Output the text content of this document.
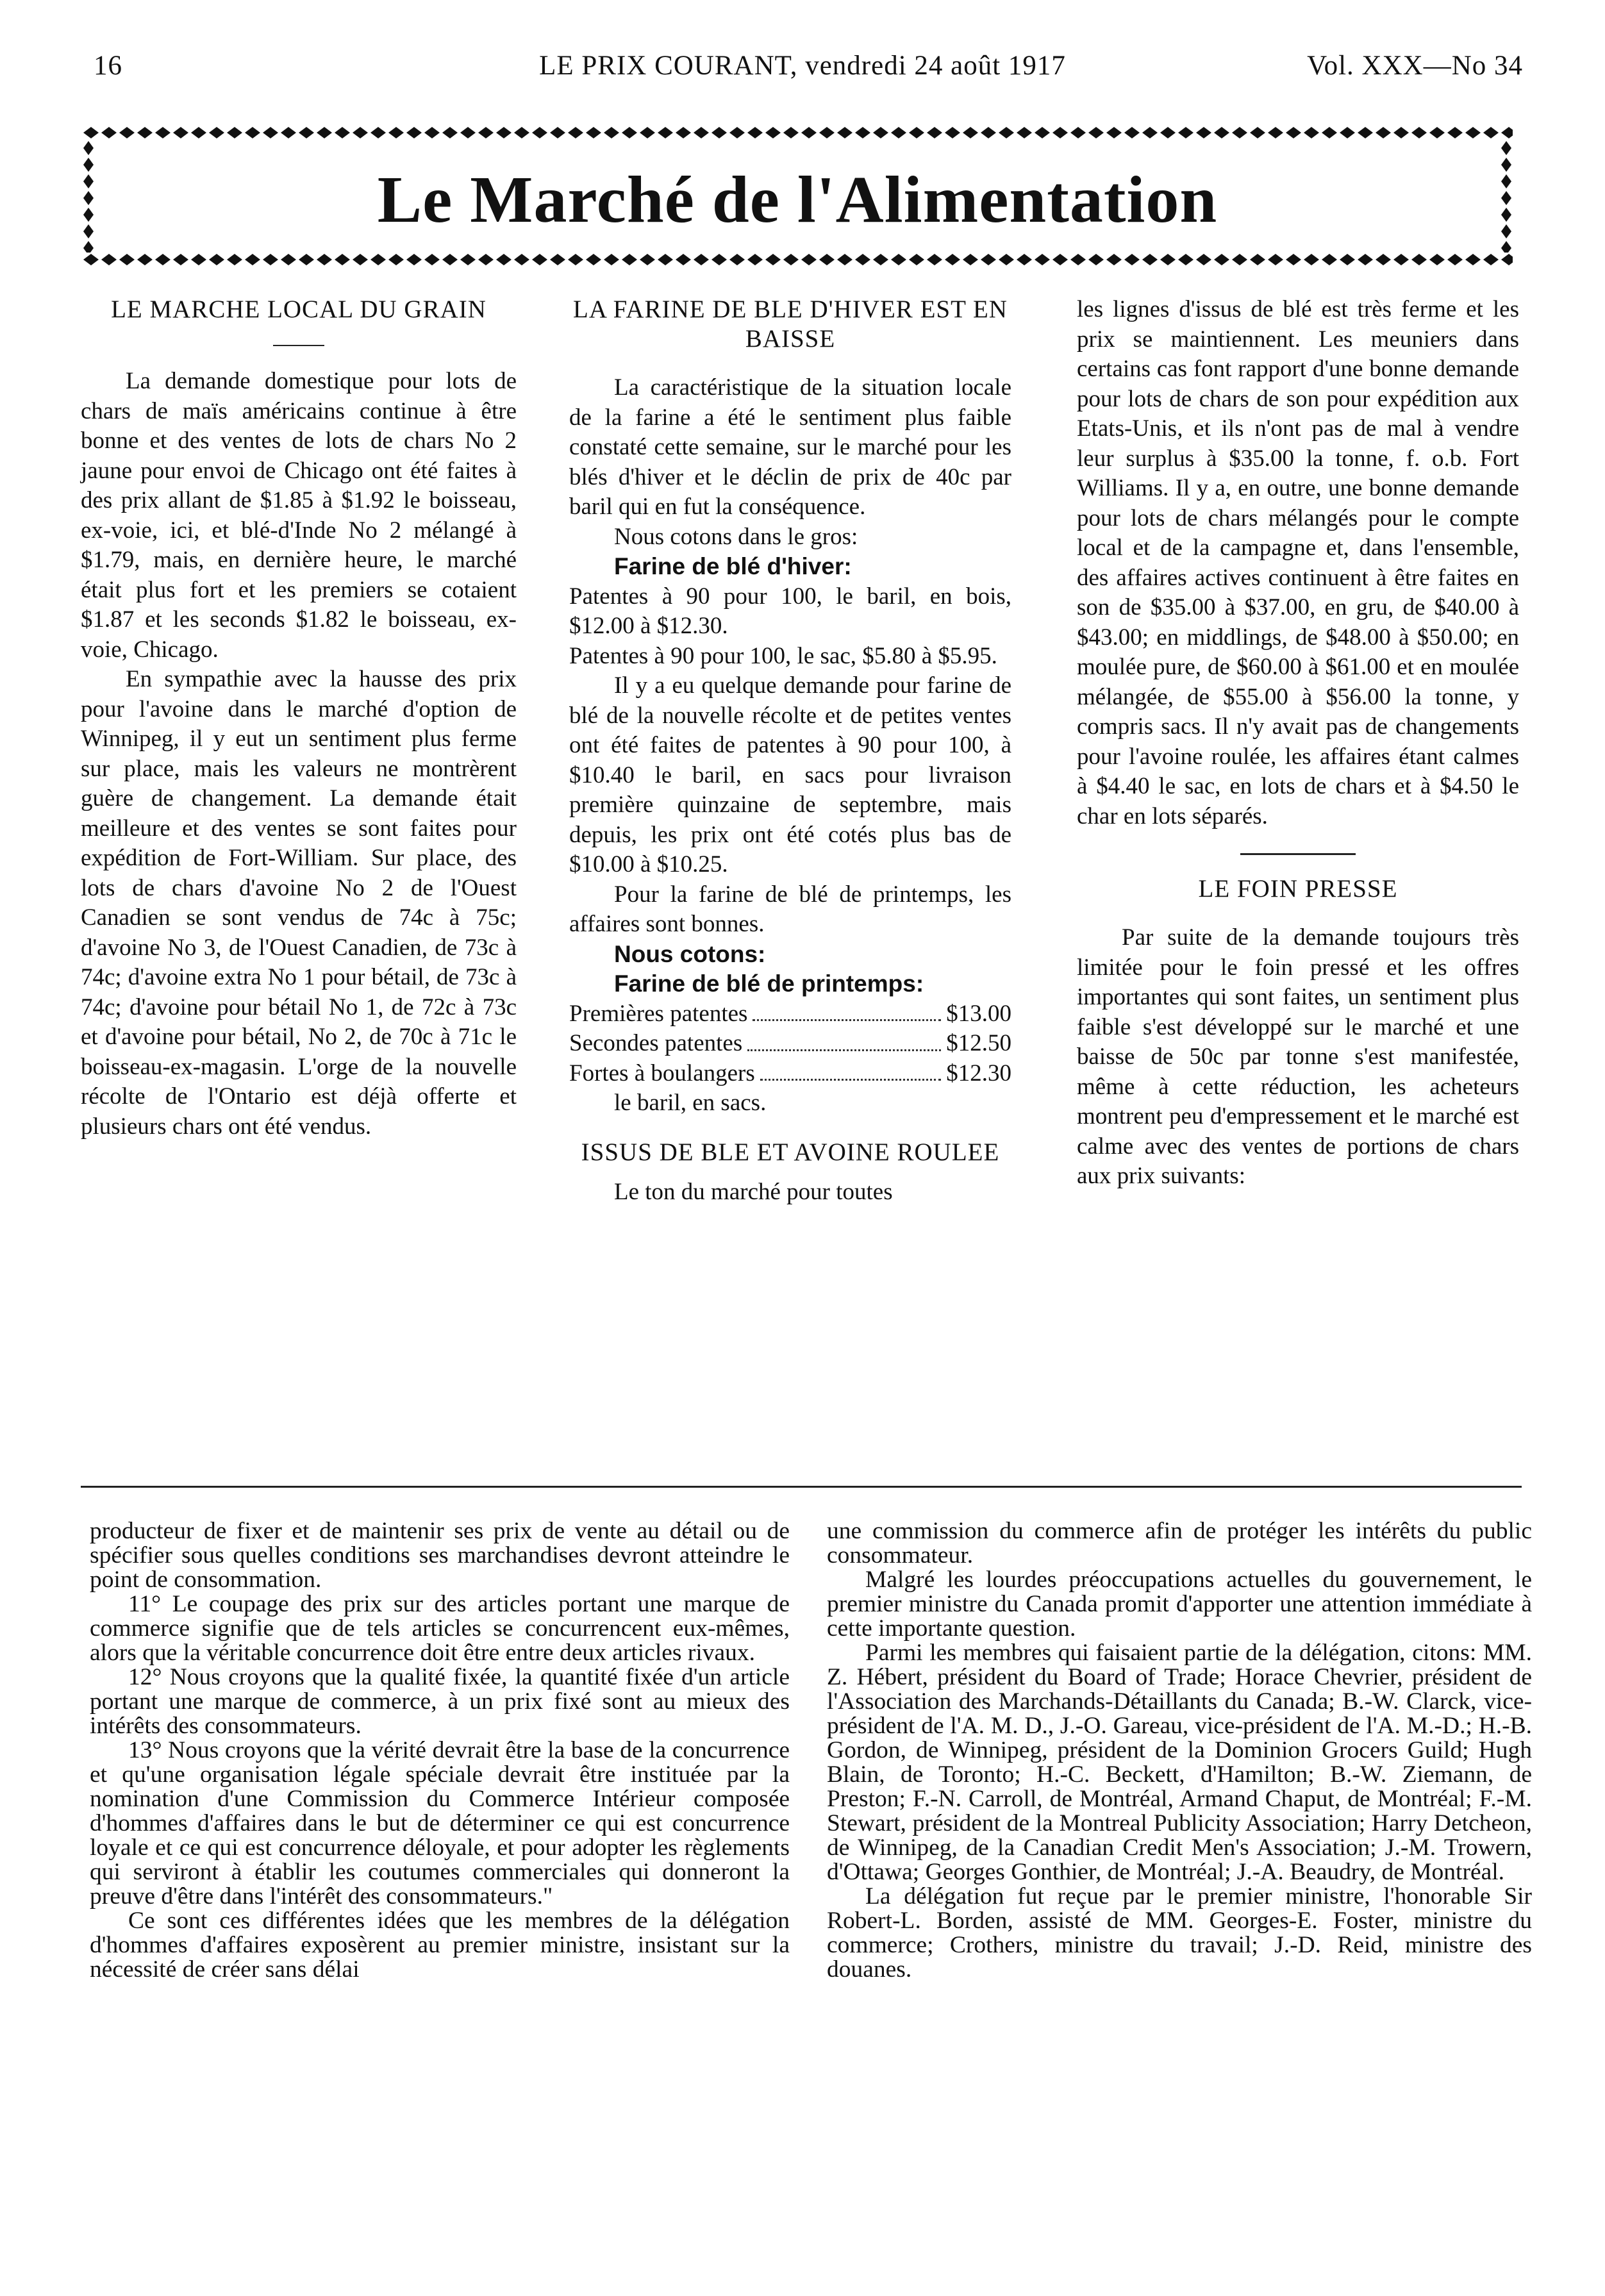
16	LE PRIX COURANT, vendredi 24 août 1917	Vol. XXX—No 34
Le Marché de l'Alimentation
LE MARCHE LOCAL DU GRAIN

La demande domestique pour lots de chars de maïs américains continue à être bonne et des ventes de lots de chars No 2 jaune pour envoi de Chicago ont été faites à des prix allant de $1.85 à $1.92 le boisseau, ex-voie, ici, et blé-d'Inde No 2 mélangé à $1.79, mais, en dernière heure, le marché était plus fort et les premiers se cotaient $1.87 et les seconds $1.82 le boisseau, ex-voie, Chicago.

En sympathie avec la hausse des prix pour l'avoine dans le marché d'option de Winnipeg, il y eut un sentiment plus ferme sur place, mais les valeurs ne montrèrent guère de changement. La demande était meilleure et des ventes se sont faites pour expédition de Fort-William. Sur place, des lots de chars d'avoine No 2 de l'Ouest Canadien se sont vendus de 74c à 75c; d'avoine No 3, de l'Ouest Canadien, de 73c à 74c; d'avoine extra No 1 pour bétail, de 73c à 74c; d'avoine pour bétail No 1, de 72c à 73c et d'avoine pour bétail, No 2, de 70c à 71c le boisseau-ex-magasin. L'orge de la nouvelle récolte de l'Ontario est déjà offerte et plusieurs chars ont été vendus.

LA FARINE DE BLE D'HIVER EST EN BAISSE

La caractéristique de la situation locale de la farine a été le sentiment plus faible constaté cette semaine, sur le marché pour les blés d'hiver et le déclin de prix de 40c par baril qui en fut la conséquence.

Nous cotons dans le gros:

Farine de blé d'hiver:

Patentes à 90 pour 100, le baril, en bois, $12.00 à $12.30.

Patentes à 90 pour 100, le sac, $5.80 à $5.95.

Il y a eu quelque demande pour farine de blé de la nouvelle récolte et de petites ventes ont été faites de patentes à 90 pour 100, à $10.40 le baril, en sacs pour livraison première quinzaine de septembre, mais depuis, les prix ont été cotés plus bas de $10.00 à $10.25.

Pour la farine de blé de printemps, les affaires sont bonnes.

Nous cotons:

Farine de blé de printemps:

Premières patentes	$13.00
Secondes patentes	$12.50
Fortes à boulangers	$12.30

le baril, en sacs.

ISSUS DE BLE ET AVOINE ROULEE

Le ton du marché pour toutes

les lignes d'issus de blé est très ferme et les prix se maintiennent. Les meuniers dans certains cas font rapport d'une bonne demande pour lots de chars de son pour expédition aux Etats-Unis, et ils n'ont pas de mal à vendre leur surplus à $35.00 la tonne, f. o.b. Fort Williams. Il y a, en outre, une bonne demande pour lots de chars mélangés pour le compte local et de la campagne et, dans l'ensemble, des affaires actives continuent à être faites en son de $35.00 à $37.00, en gru, de $40.00 à $43.00; en middlings, de $48.00 à $50.00; en moulée pure, de $60.00 à $61.00 et en moulée mélangée, de $55.00 à $56.00 la tonne, y compris sacs. Il n'y avait pas de changements pour l'avoine roulée, les affaires étant calmes à $4.40 le sac, en lots de chars et à $4.50 le char en lots séparés.

LE FOIN PRESSE

Par suite de la demande toujours très limitée pour le foin pressé et les offres importantes qui sont faites, un sentiment plus faible s'est développé sur le marché et une baisse de 50c par tonne s'est manifestée, même à cette réduction, les acheteurs montrent peu d'empressement et le marché est calme avec des ventes de portions de chars aux prix suivants:

producteur de fixer et de maintenir ses prix de vente au détail ou de spécifier sous quelles conditions ses marchandises devront atteindre le point de consommation.

11° Le coupage des prix sur des articles portant une marque de commerce signifie que de tels articles se concurrencent eux-mêmes, alors que la véritable concurrence doit être entre deux articles rivaux.

12° Nous croyons que la qualité fixée, la quantité fixée d'un article portant une marque de commerce, à un prix fixé sont au mieux des intérêts des consommateurs.

13° Nous croyons que la vérité devrait être la base de la concurrence et qu'une organisation légale spéciale devrait être instituée par la nomination d'une Commission du Commerce Intérieur composée d'hommes d'affaires dans le but de déterminer ce qui est concurrence loyale et ce qui est concurrence déloyale, et pour adopter les règlements qui serviront à établir les coutumes commerciales qui donneront la preuve d'être dans l'intérêt des consommateurs."

Ce sont ces différentes idées que les membres de la délégation d'hommes d'affaires exposèrent au premier ministre, insistant sur la nécessité de créer sans délai

une commission du commerce afin de protéger les intérêts du public consommateur.

Malgré les lourdes préoccupations actuelles du gouvernement, le premier ministre du Canada promit d'apporter une attention immédiate à cette importante question.

Parmi les membres qui faisaient partie de la délégation, citons: MM. Z. Hébert, président du Board of Trade; Horace Chevrier, président de l'Association des Marchands-Détaillants du Canada; B.-W. Clarck, vice-président de l'A. M. D., J.-O. Gareau, vice-président de l'A. M.-D.; H.-B. Gordon, de Winnipeg, président de la Dominion Grocers Guild; Hugh Blain, de Toronto; H.-C. Beckett, d'Hamilton; B.-W. Ziemann, de Preston; F.-N. Carroll, de Montréal, Armand Chaput, de Montréal; F.-M. Stewart, président de la Montreal Publicity Association; Harry Detcheon, de Winnipeg, de la Canadian Credit Men's Association; J.-M. Trowern, d'Ottawa; Georges Gonthier, de Montréal; J.-A. Beaudry, de Montréal.

La délégation fut reçue par le premier ministre, l'honorable Sir Robert-L. Borden, assisté de MM. Georges-E. Foster, ministre du commerce; Crothers, ministre du travail; J.-D. Reid, ministre des douanes.
